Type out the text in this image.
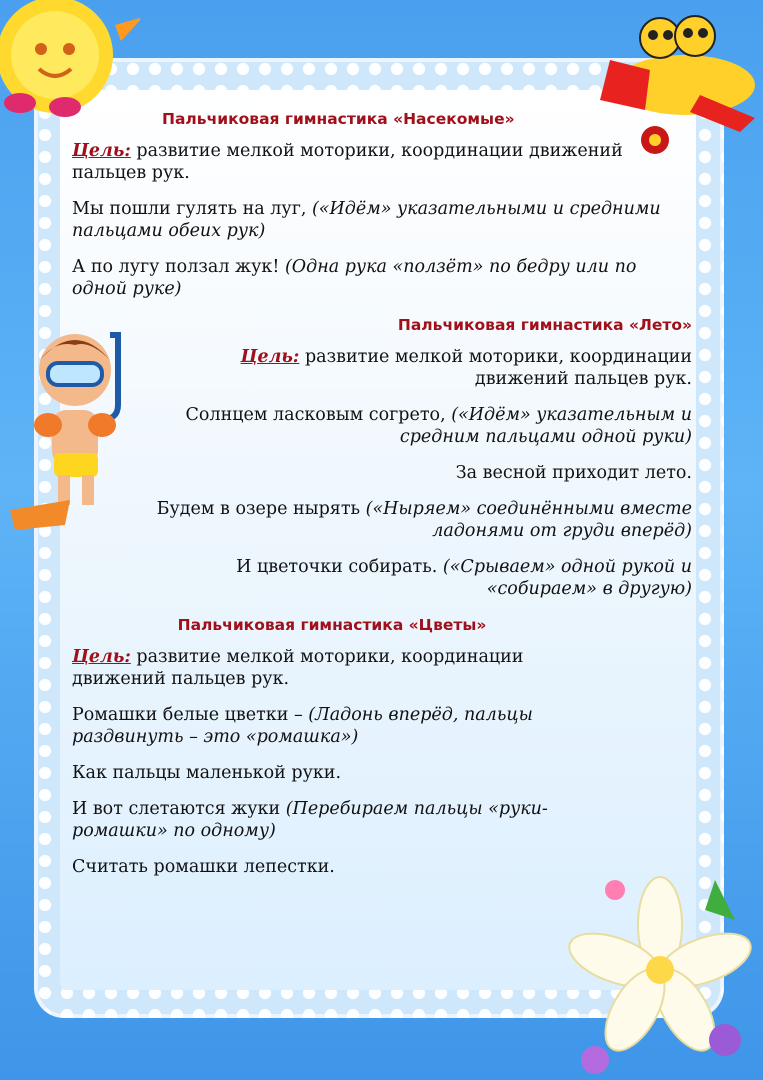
Пальчиковая гимнастика «Насекомые»
Цель: развитие мелкой моторики, координации движений пальцев рук.
Мы пошли гулять на луг, («Идём» указательными и средними пальцами обеих рук)
А по лугу ползал жук! (Одна рука «ползёт» по бедру или по одной руке)
Пальчиковая гимнастика «Лето»
Цель: развитие мелкой моторики, координации движений пальцев рук.
Солнцем ласковым согрето, («Идём» указательным и средним пальцами одной руки)
За весной приходит лето.
Будем в озере нырять («Ныряем» соединёнными вместе ладонями от груди вперёд)
И цветочки собирать. («Срываем» одной рукой и «собираем» в другую)
Пальчиковая гимнастика «Цветы»
Цель: развитие мелкой моторики, координации движений пальцев рук.
Ромашки белые цветки – (Ладонь вперёд, пальцы раздвинуть – это «ромашка»)
Как пальцы маленькой руки.
И вот слетаются жуки (Перебираем пальцы «руки-ромашки» по одному)
Считать ромашки лепестки.
